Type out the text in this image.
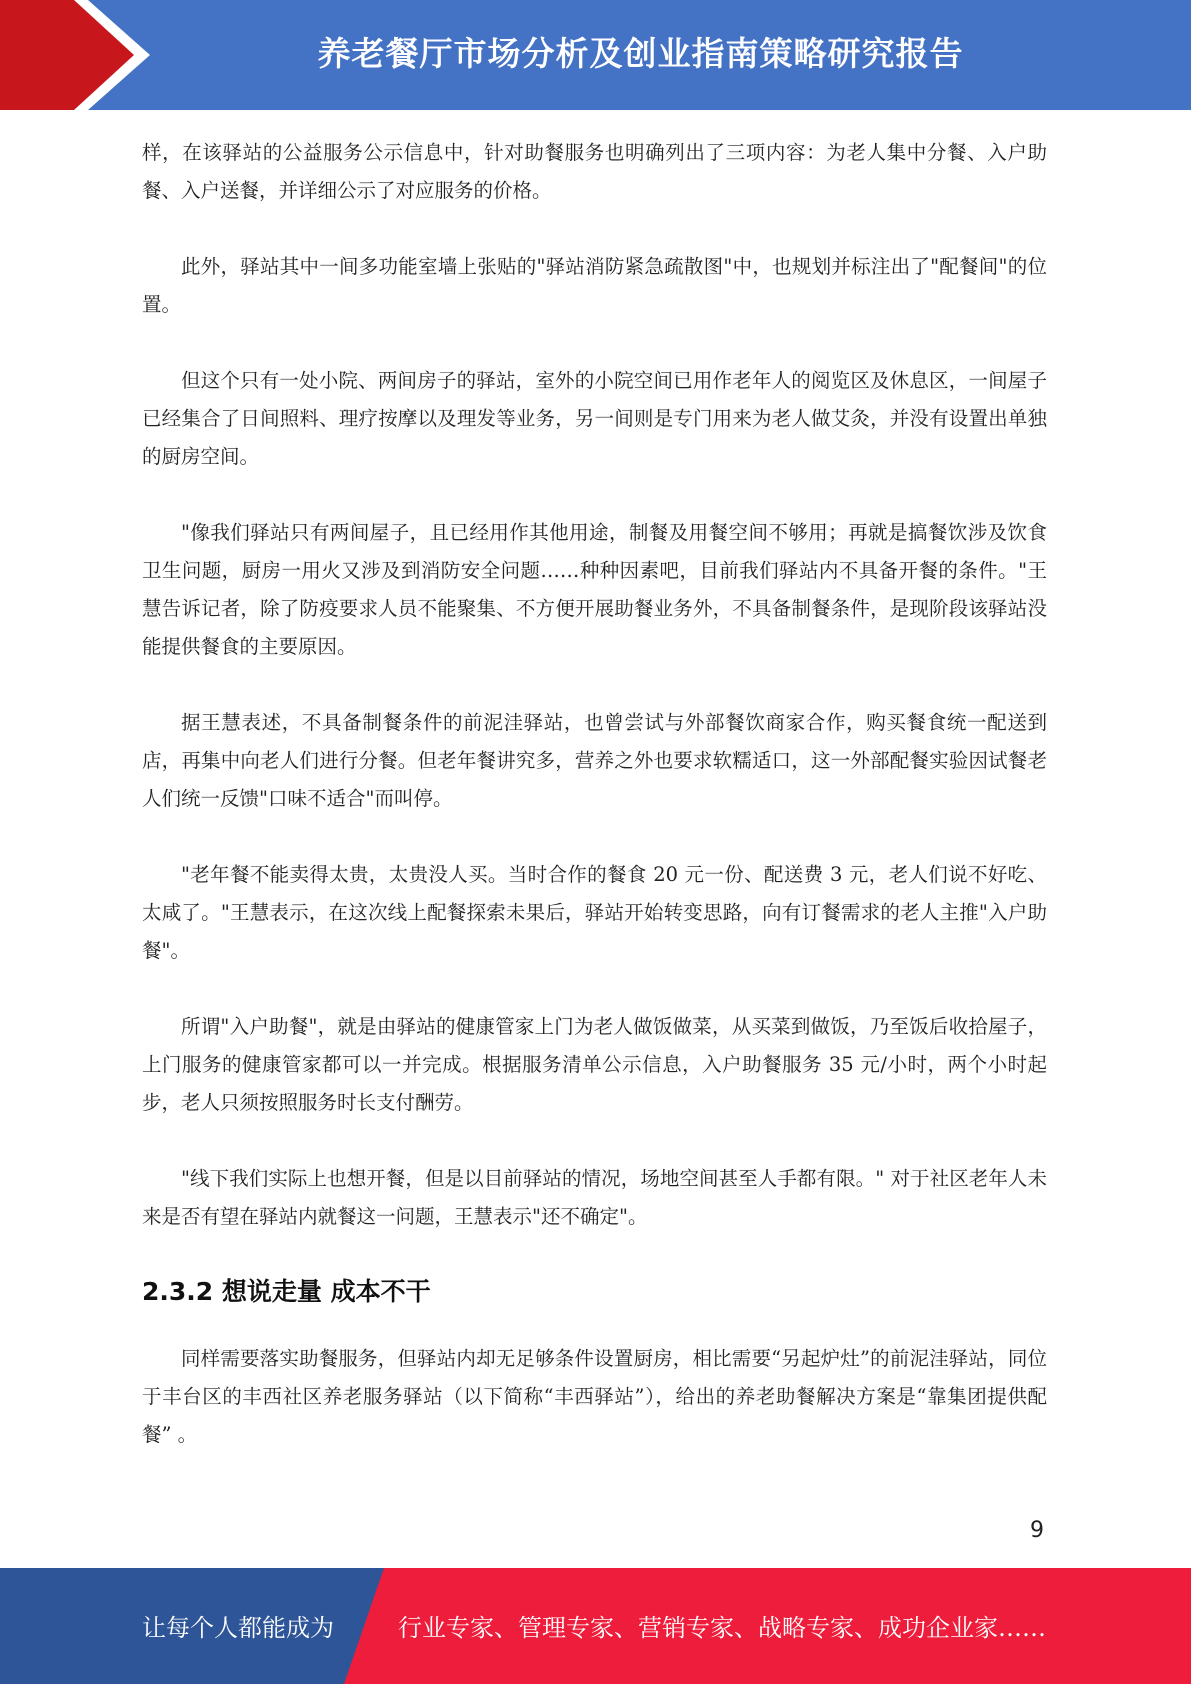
养老餐厅市场分析及创业指南策略研究报告

样，在该驿站的公益服务公示信息中，针对助餐服务也明确列出了三项内容：为老人集中分餐、入户助餐、入户送餐，并详细公示了对应服务的价格。

此外，驿站其中一间多功能室墙上张贴的"驿站消防紧急疏散图"中，也规划并标注出了"配餐间"的位置。

但这个只有一处小院、两间房子的驿站，室外的小院空间已用作老年人的阅览区及休息区，一间屋子已经集合了日间照料、理疗按摩以及理发等业务，另一间则是专门用来为老人做艾灸，并没有设置出单独的厨房空间。

"像我们驿站只有两间屋子，且已经用作其他用途，制餐及用餐空间不够用；再就是搞餐饮涉及饮食卫生问题，厨房一用火又涉及到消防安全问题……种种因素吧，目前我们驿站内不具备开餐的条件。"王慧告诉记者，除了防疫要求人员不能聚集、不方便开展助餐业务外，不具备制餐条件，是现阶段该驿站没能提供餐食的主要原因。

据王慧表述，不具备制餐条件的前泥洼驿站，也曾尝试与外部餐饮商家合作，购买餐食统一配送到店，再集中向老人们进行分餐。但老年餐讲究多，营养之外也要求软糯适口，这一外部配餐实验因试餐老人们统一反馈"口味不适合"而叫停。

"老年餐不能卖得太贵，太贵没人买。当时合作的餐食 20 元一份、配送费 3 元，老人们说不好吃、太咸了。"王慧表示，在这次线上配餐探索未果后，驿站开始转变思路，向有订餐需求的老人主推"入户助餐"。

所谓"入户助餐"，就是由驿站的健康管家上门为老人做饭做菜，从买菜到做饭，乃至饭后收拾屋子，上门服务的健康管家都可以一并完成。根据服务清单公示信息，入户助餐服务 35 元/小时，两个小时起步，老人只须按照服务时长支付酬劳。

"线下我们实际上也想开餐，但是以目前驿站的情况，场地空间甚至人手都有限。" 对于社区老年人未来是否有望在驿站内就餐这一问题，王慧表示"还不确定"。

2.3.2 想说走量 成本不干

同样需要落实助餐服务，但驿站内却无足够条件设置厨房，相比需要“另起炉灶”的前泥洼驿站，同位于丰台区的丰西社区养老服务驿站（以下简称“丰西驿站”），给出的养老助餐解决方案是“靠集团提供配餐” 。

9
让每个人都能成为	行业专家、管理专家、营销专家、战略专家、成功企业家……
